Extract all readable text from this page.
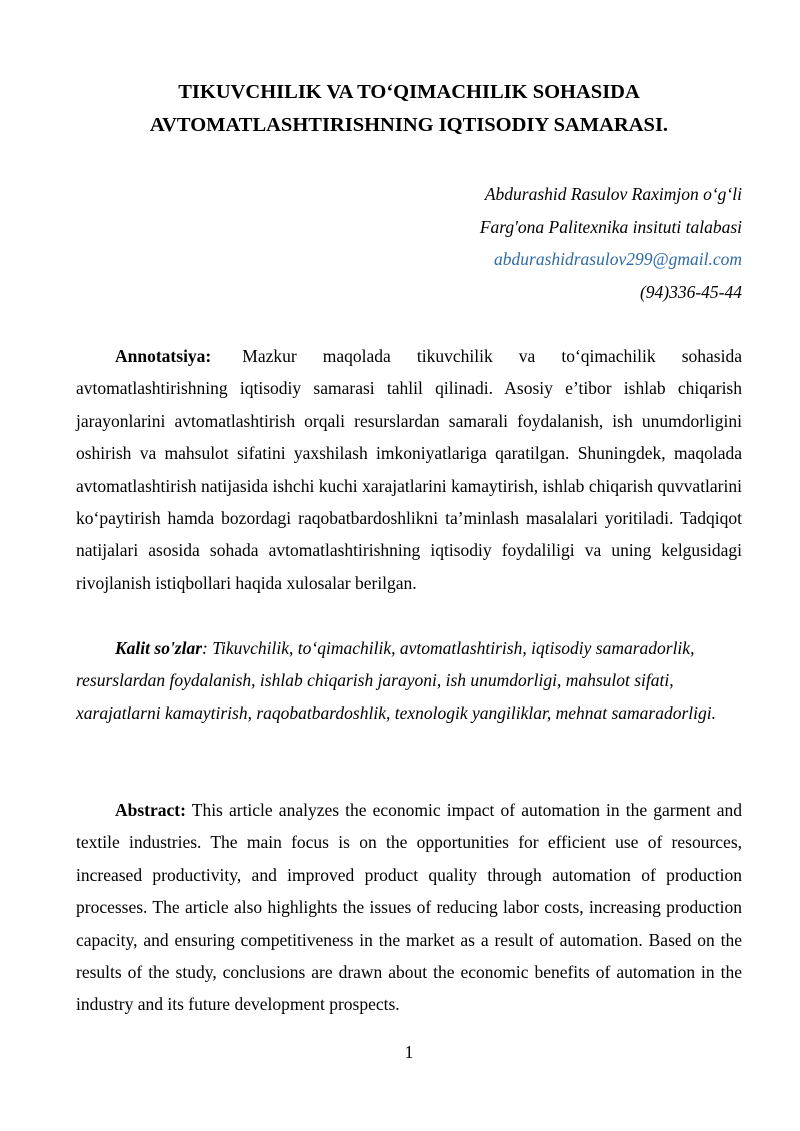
TIKUVCHILIK VA TO‘QIMACHILIK SOHASIDA
AVTOMATLASHTIRISHNING IQTISODIY SAMARASI.
Abdurashid Rasulov Raximjon o‘g‘li
Farg'ona Palitexnika insituti talabasi
abdurashidrasulov299@gmail.com
(94)336-45-44

Annotatsiya: Mazkur maqolada tikuvchilik va to‘qimachilik sohasida avtomatlashtirishning iqtisodiy samarasi tahlil qilinadi. Asosiy e’tibor ishlab chiqarish jarayonlarini avtomatlashtirish orqali resurslardan samarali foydalanish, ish unumdorligini oshirish va mahsulot sifatini yaxshilash imkoniyatlariga qaratilgan. Shuningdek, maqolada avtomatlashtirish natijasida ishchi kuchi xarajatlarini kamaytirish, ishlab chiqarish quvvatlarini ko‘paytirish hamda bozordagi raqobatbardoshlikni ta’minlash masalalari yoritiladi. Tadqiqot natijalari asosida sohada avtomatlashtirishning iqtisodiy foydaliligi va uning kelgusidagi rivojlanish istiqbollari haqida xulosalar berilgan.

Kalit so'zlar: Tikuvchilik, to‘qimachilik, avtomatlashtirish, iqtisodiy samaradorlik, resurslardan foydalanish, ishlab chiqarish jarayoni, ish unumdorligi, mahsulot sifati, xarajatlarni kamaytirish, raqobatbardoshlik, texnologik yangiliklar, mehnat samaradorligi.

Abstract: This article analyzes the economic impact of automation in the garment and textile industries. The main focus is on the opportunities for efficient use of resources, increased productivity, and improved product quality through automation of production processes. The article also highlights the issues of reducing labor costs, increasing production capacity, and ensuring competitiveness in the market as a result of automation. Based on the results of the study, conclusions are drawn about the economic benefits of automation in the industry and its future development prospects.

1
